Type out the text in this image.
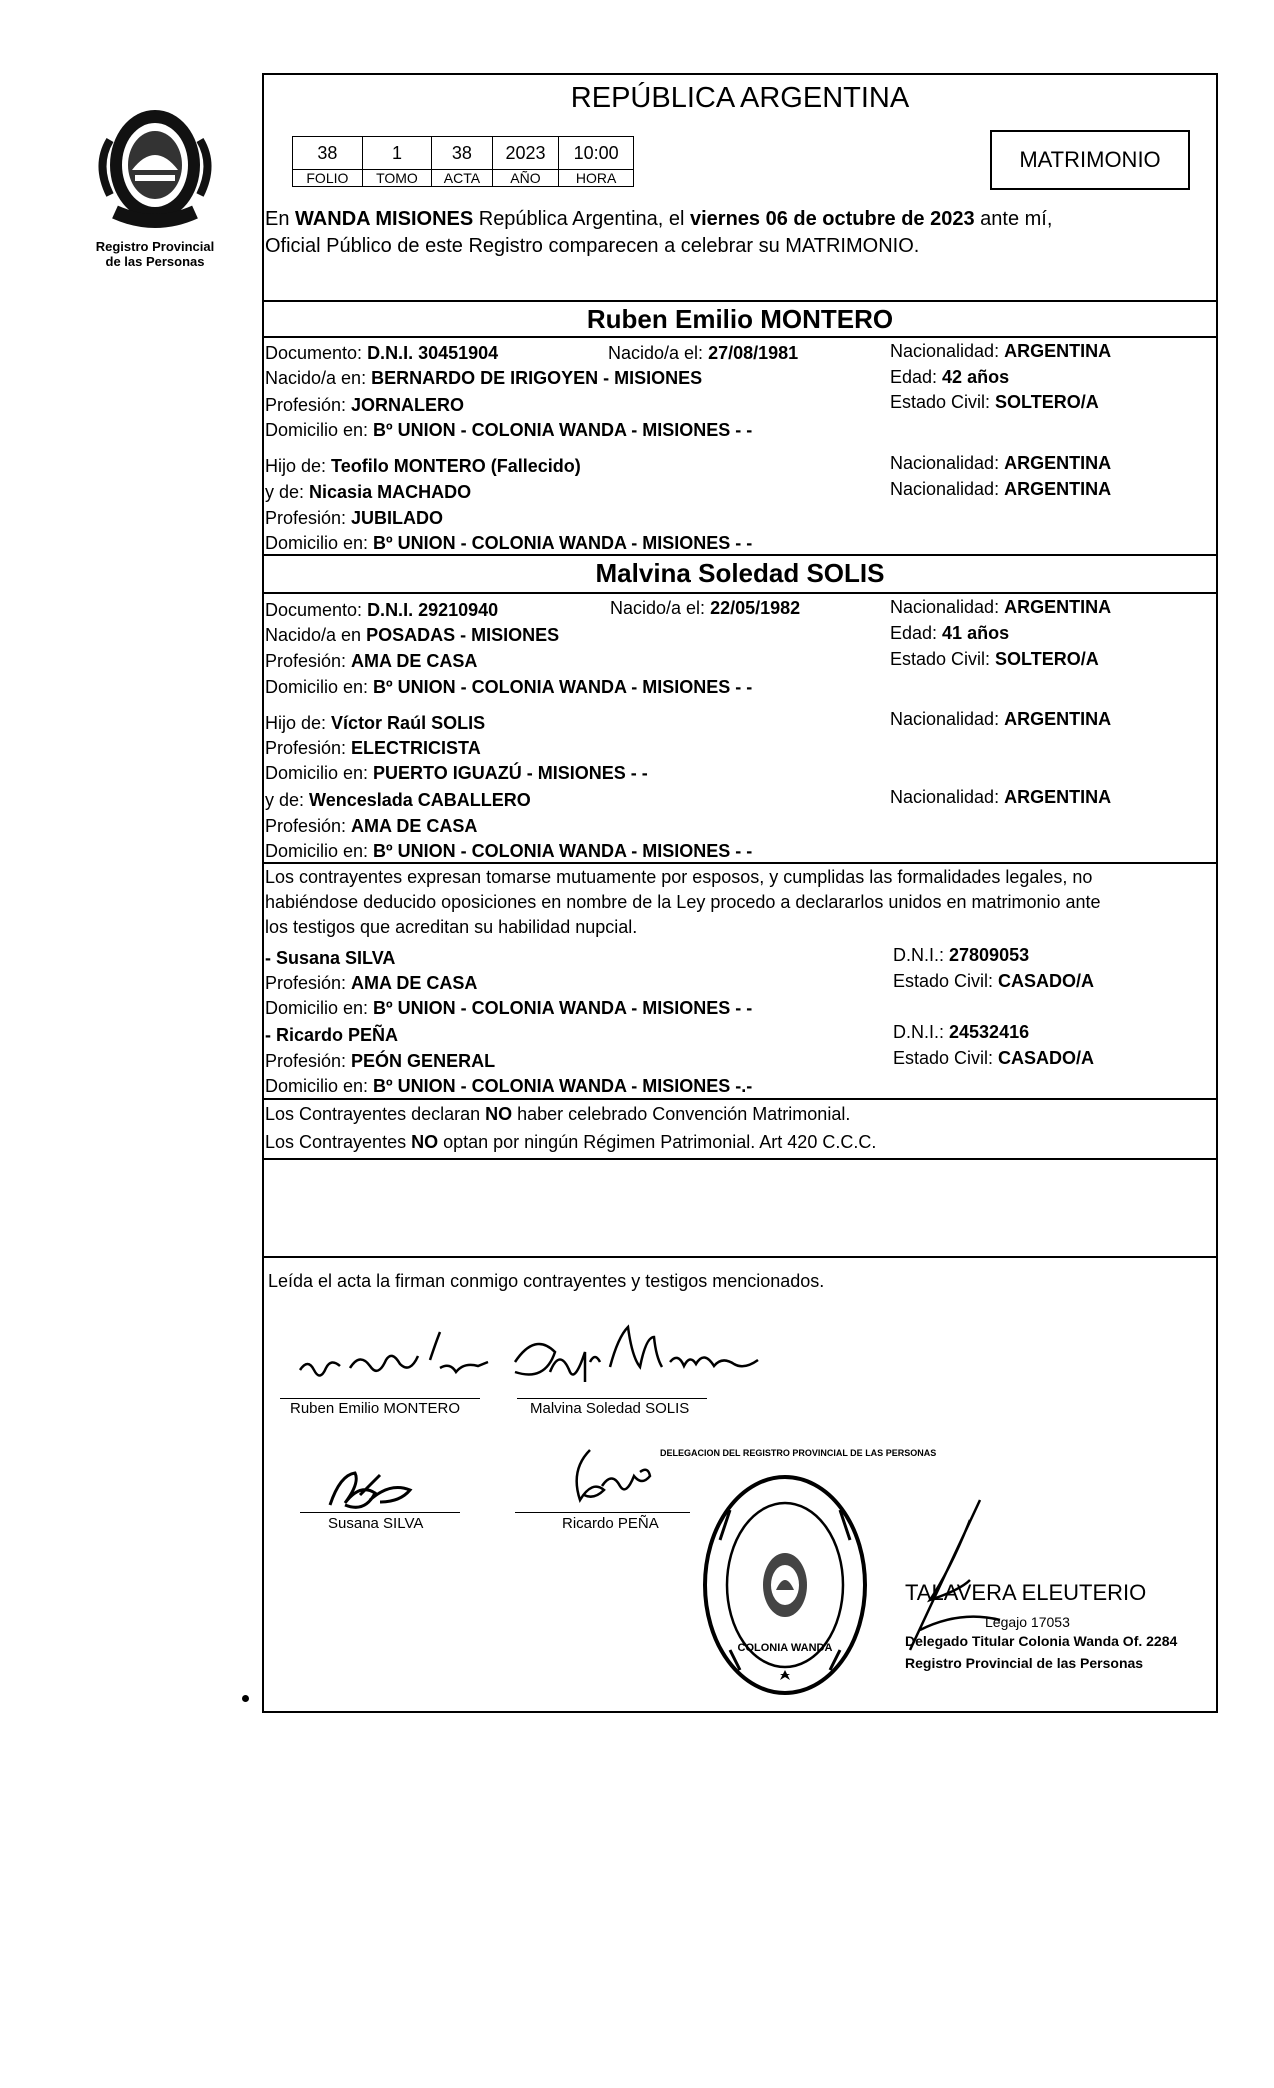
Registro Provincial
de las Personas
REPÚBLICA ARGENTINA
38	1	38	2023	10:00
FOLIO	TOMO	ACTA	AÑO	HORA
MATRIMONIO
En WANDA MISIONES República Argentina, el viernes 06 de octubre de 2023 ante mí,
Oficial Público de este Registro comparecen a celebrar su MATRIMONIO.
Ruben Emilio MONTERO
Documento: D.N.I. 30451904	Nacido/a el: 27/08/1981	Nacionalidad: ARGENTINA
Nacido/a en: BERNARDO DE IRIGOYEN - MISIONES	Edad: 42 años
Profesión: JORNALERO	Estado Civil: SOLTERO/A
Domicilio en: Bº UNION - COLONIA WANDA - MISIONES - -
Hijo de: Teofilo MONTERO (Fallecido)	Nacionalidad: ARGENTINA
y de: Nicasia MACHADO	Nacionalidad: ARGENTINA
Profesión: JUBILADO
Domicilio en: Bº UNION - COLONIA WANDA - MISIONES - -
Malvina Soledad SOLIS
Documento: D.N.I. 29210940	Nacido/a el: 22/05/1982	Nacionalidad: ARGENTINA
Nacido/a en POSADAS - MISIONES	Edad: 41 años
Profesión: AMA DE CASA	Estado Civil: SOLTERO/A
Domicilio en: Bº UNION - COLONIA WANDA - MISIONES - -
Hijo de: Víctor Raúl SOLIS	Nacionalidad: ARGENTINA
Profesión: ELECTRICISTA
Domicilio en: PUERTO IGUAZÚ - MISIONES - -
y de: Wenceslada CABALLERO	Nacionalidad: ARGENTINA
Profesión: AMA DE CASA
Domicilio en: Bº UNION - COLONIA WANDA - MISIONES - -
Los contrayentes expresan tomarse mutuamente por esposos, y cumplidas las formalidades legales, no
habiéndose deducido oposiciones en nombre de la Ley procedo a declararlos unidos en matrimonio ante
los testigos que acreditan su habilidad nupcial.
- Susana SILVA	D.N.I.: 27809053
Profesión: AMA DE CASA	Estado Civil: CASADO/A
Domicilio en: Bº UNION - COLONIA WANDA - MISIONES - -
- Ricardo PEÑA	D.N.I.: 24532416
Profesión: PEÓN GENERAL	Estado Civil: CASADO/A
Domicilio en: Bº UNION - COLONIA WANDA - MISIONES -.-
Los Contrayentes declaran NO haber celebrado Convención Matrimonial.
Los Contrayentes NO optan por ningún Régimen Patrimonial. Art 420 C.C.C.
Leída el acta la firman conmigo contrayentes y testigos mencionados.
Ruben Emilio MONTERO	Malvina Soledad SOLIS
Susana SILVA	Ricardo PEÑA
DELEGACION DEL REGISTRO PROVINCIAL DE LAS PERSONAS
COLONIA WANDA
TALAVERA ELEUTERIO
Legajo 17053
Delegado Titular Colonia Wanda Of. 2284
Registro Provincial de las Personas
